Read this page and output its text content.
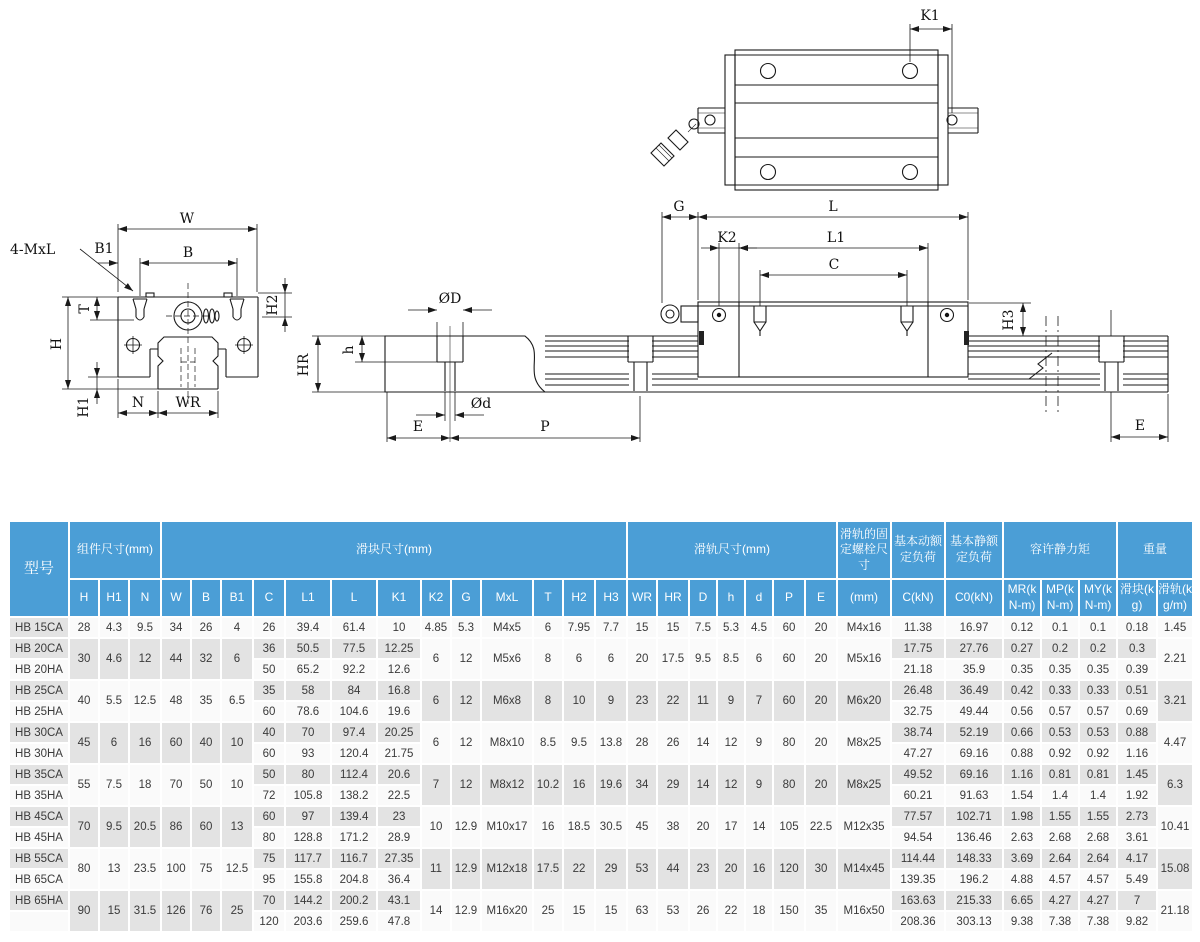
K1
W
B
B1
4-MxL
T
H
H1
H2
N WR
ØD
Ød
h
HR
E	P
G	L
K2	L1
C
H3
E
型号	组件尺寸(mm)			滑块尺寸(mm)													滑轨尺寸(mm)							滑轨的固定螺栓尺寸	基本动额定负荷	基本静额定负荷	容许静力矩			重量	
	H	H1	N	W	B	B1	C	L1	L	K1	K2	G	MxL	T	H2	H3	WR	HR	D	h	d	P	E	(mm)	C(kN)	C0(kN)	MR(kN-m)	MP(kN-m)	MY(kN-m)	滑块(kg)	滑轨(kg/m)
HB 15CA	28	4.3	9.5	34	26	4	26	39.4	61.4	10	4.85	5.3	M4x5	6	7.95	7.7	15	15	7.5	5.3	4.5	60	20	M4x16	11.38	16.97	0.12	0.1	0.1	0.18	1.45
HB 20CA	30	4.6	12	44	32	6	36	50.5	77.5	12.25	6	12	M5x6	8	6	6	20	17.5	9.5	8.5	6	60	20	M5x16	17.75	27.76	0.27	0.2	0.2	0.3	2.21
HB 20HA							50	65.2	92.2	12.6															21.18	35.9	0.35	0.35	0.35	0.39	
HB 25CA	40	5.5	12.5	48	35	6.5	35	58	84	16.8	6	12	M6x8	8	10	9	23	22	11	9	7	60	20	M6x20	26.48	36.49	0.42	0.33	0.33	0.51	3.21
HB 25HA							60	78.6	104.6	19.6															32.75	49.44	0.56	0.57	0.57	0.69	
HB 30CA	45	6	16	60	40	10	40	70	97.4	20.25	6	12	M8x10	8.5	9.5	13.8	28	26	14	12	9	80	20	M8x25	38.74	52.19	0.66	0.53	0.53	0.88	4.47
HB 30HA							60	93	120.4	21.75															47.27	69.16	0.88	0.92	0.92	1.16	
HB 35CA	55	7.5	18	70	50	10	50	80	112.4	20.6	7	12	M8x12	10.2	16	19.6	34	29	14	12	9	80	20	M8x25	49.52	69.16	1.16	0.81	0.81	1.45	6.3
HB 35HA							72	105.8	138.2	22.5															60.21	91.63	1.54	1.4	1.4	1.92	
HB 45CA	70	9.5	20.5	86	60	13	60	97	139.4	23	10	12.9	M10x17	16	18.5	30.5	45	38	20	17	14	105	22.5	M12x35	77.57	102.71	1.98	1.55	1.55	2.73	10.41
HB 45HA							80	128.8	171.2	28.9															94.54	136.46	2.63	2.68	2.68	3.61	
HB 55CA	80	13	23.5	100	75	12.5	75	117.7	116.7	27.35	11	12.9	M12x18	17.5	22	29	53	44	23	20	16	120	30	M14x45	114.44	148.33	3.69	2.64	2.64	4.17	15.08
HB 65CA							95	155.8	204.8	36.4															139.35	196.2	4.88	4.57	4.57	5.49	
HB 65HA	90	15	31.5	126	76	25	70	144.2	200.2	43.1	14	12.9	M16x20	25	15	15	63	53	26	22	18	150	35	M16x50	163.63	215.33	6.65	4.27	4.27	7	21.18
							120	203.6	259.6	47.8															208.36	303.13	9.38	7.38	7.38	9.82	
